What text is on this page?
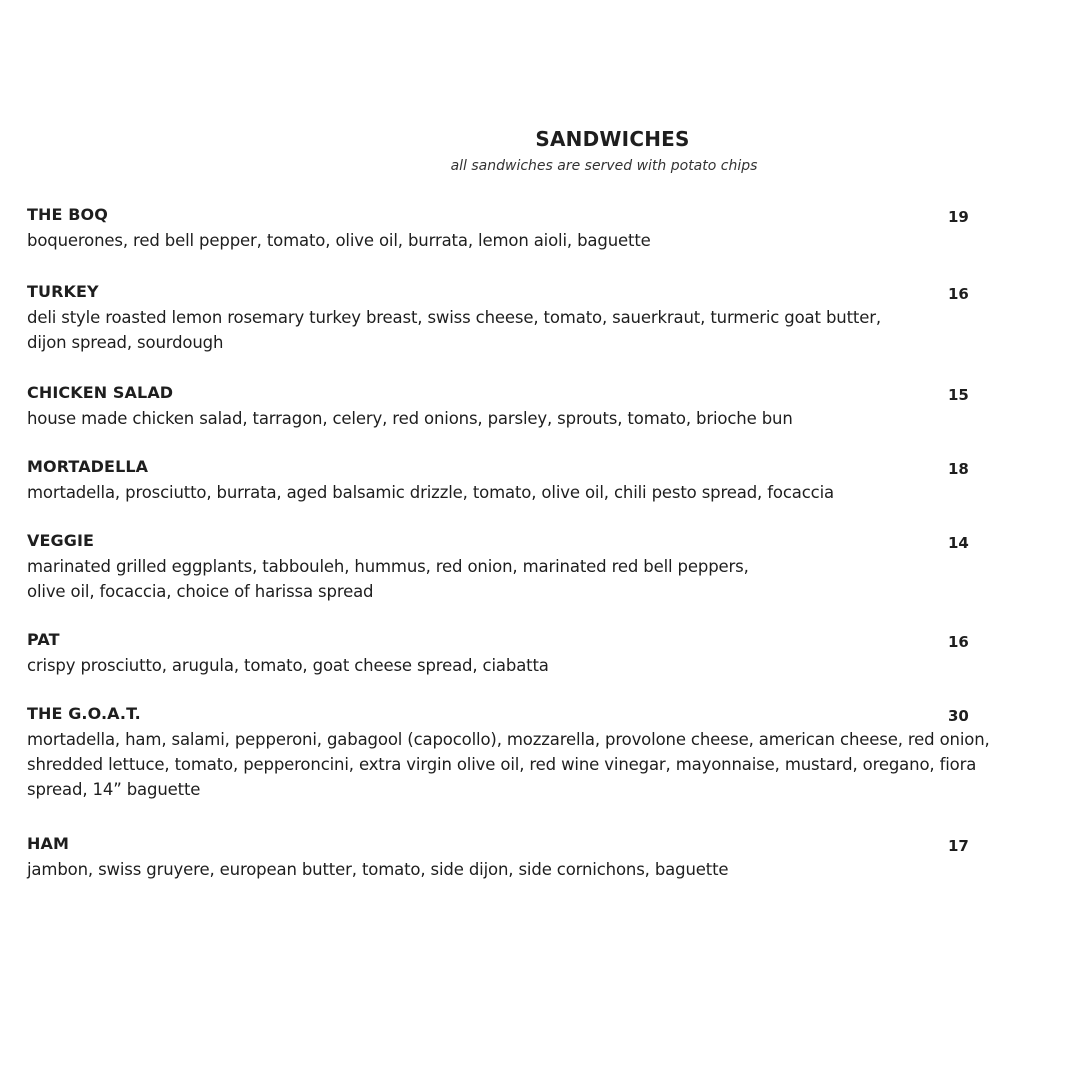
SANDWICHES
all sandwiches are served with potato chips
THE BOQ	19
boquerones, red bell pepper, tomato, olive oil, burrata, lemon aioli, baguette
TURKEY	16
deli style roasted lemon rosemary turkey breast, swiss cheese, tomato, sauerkraut, turmeric goat butter,
dijon spread, sourdough
CHICKEN SALAD	15
house made chicken salad, tarragon, celery, red onions, parsley, sprouts, tomato, brioche bun
MORTADELLA	18
mortadella, prosciutto, burrata, aged balsamic drizzle, tomato, olive oil, chili pesto spread, focaccia
VEGGIE	14
marinated grilled eggplants, tabbouleh, hummus, red onion, marinated red bell peppers,
olive oil, focaccia, choice of harissa spread
PAT	16
crispy prosciutto, arugula, tomato, goat cheese spread, ciabatta
THE G.O.A.T.	30
mortadella, ham, salami, pepperoni, gabagool (capocollo), mozzarella, provolone cheese, american cheese, red onion,
shredded lettuce, tomato, pepperoncini, extra virgin olive oil, red wine vinegar, mayonnaise, mustard, oregano, fiora
spread, 14” baguette
HAM	17
jambon, swiss gruyere, european butter, tomato, side dijon, side cornichons, baguette
